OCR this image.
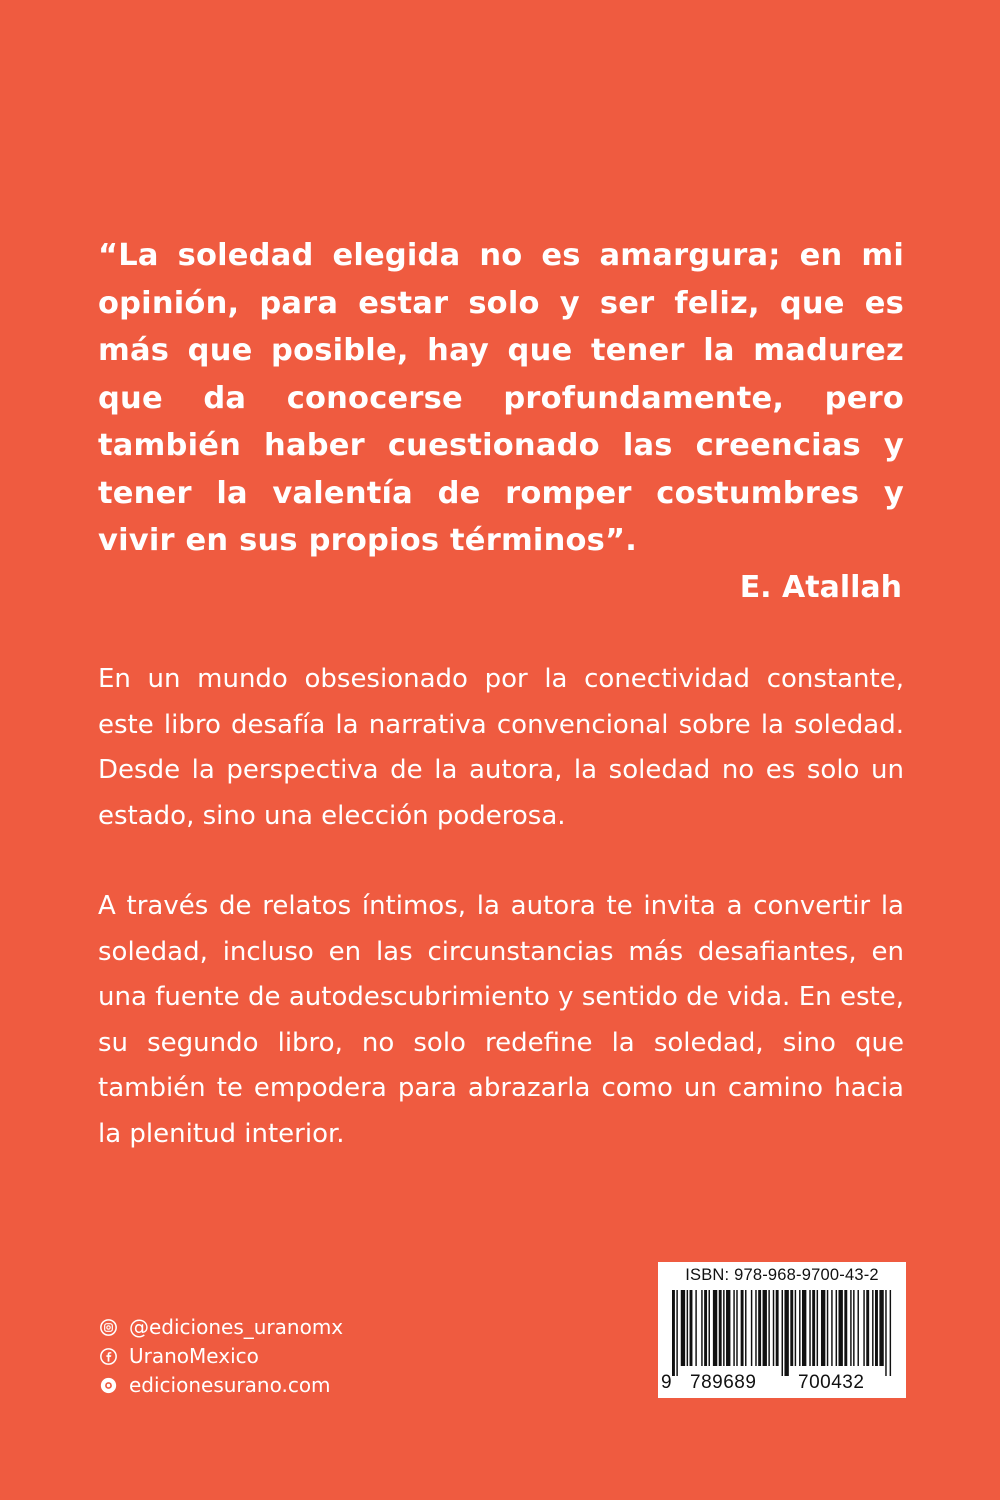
“La soledad elegida no es amargura; en mi opinión, para estar solo y ser feliz, que es más que posible, hay que tener la madurez que da conocerse profundamente, pero también haber cuestionado las creencias y tener la valentía de romper costumbres y vivir en sus propios términos”.
E. Atallah
En un mundo obsesionado por la conectividad constante, este libro desafía la narrativa convencional sobre la soledad. Desde la perspectiva de la autora, la soledad no es solo un estado, sino una elección poderosa.
A través de relatos íntimos, la autora te invita a convertir la soledad, incluso en las circunstancias más desafiantes, en una fuente de autodescubrimiento y sentido de vida. En este, su segundo libro, no solo redefine la soledad, sino que también te empodera para abrazarla como un camino hacia la plenitud interior.
@ediciones_uranomx
UranoMexico
edicionesurano.com
ISBN: 978-968-9700-43-2
9 789689 700432
